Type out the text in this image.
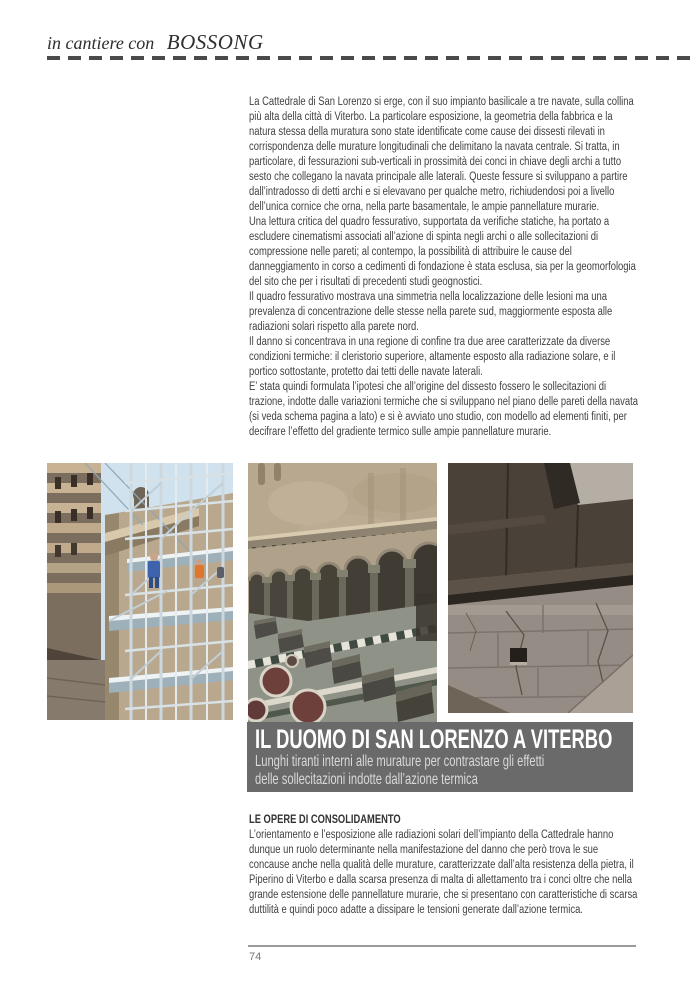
in cantiere con BOSSONG

La Cattedrale di San Lorenzo si erge, con il suo impianto basilicale a tre navate, sulla collina più alta della città di Viterbo. La particolare esposizione, la geometria della fabbrica e la natura stessa della muratura sono state identificate come cause dei dissesti rilevati in corrispondenza delle murature longitudinali che delimitano la navata centrale. Si tratta, in particolare, di fessurazioni sub-verticali in prossimità dei conci in chiave degli archi a tutto sesto che collegano la navata principale alle laterali. Queste fessure si sviluppano a partire dall’intradosso di detti archi e si elevavano per qualche metro, richiudendosi poi a livello dell’unica cornice che orna, nella parte basamentale, le ampie pannellature murarie.

Una lettura critica del quadro fessurativo, supportata da verifiche statiche, ha portato a escludere cinematismi associati all’azione di spinta negli archi o alle sollecitazioni di compressione nelle pareti; al contempo, la possibilità di attribuire le cause del danneggiamento in corso a cedimenti di fondazione è stata esclusa, sia per la geomorfologia del sito che per i risultati di precedenti studi geognostici.

Il quadro fessurativo mostrava una simmetria nella localizzazione delle lesioni ma una prevalenza di concentrazione delle stesse nella parete sud, maggiormente esposta alle radiazioni solari rispetto alla parete nord.

Il danno si concentrava in una regione di confine tra due aree caratterizzate da diverse condizioni termiche: il cleristorio superiore, altamente esposto alla radiazione solare, e il portico sottostante, protetto dai tetti delle navate laterali.

E’ stata quindi formulata l’ipotesi che all’origine del dissesto fossero le sollecitazioni di trazione, indotte dalle variazioni termiche che si sviluppano nel piano delle pareti della navata (si veda schema pagina a lato) e si è avviato uno studio, con modello ad elementi finiti, per decifrare l’effetto del gradiente termico sulle ampie pannellature murarie.

IL DUOMO DI SAN LORENZO A VITERBO
Lunghi tiranti interni alle murature per contrastare gli effetti
delle sollecitazioni indotte dall’azione termica
LE OPERE DI CONSOLIDAMENTO

L’orientamento e l’esposizione alle radiazioni solari dell’impianto della Cattedrale hanno dunque un ruolo determinante nella manifestazione del danno che però trova le sue concause anche nella qualità delle murature, caratterizzate dall’alta resistenza della pietra, il Piperino di Viterbo e dalla scarsa presenza di malta di allettamento tra i conci oltre che nella grande estensione delle pannellature murarie, che si presentano con caratteristiche di scarsa duttilità e quindi poco adatte a dissipare le tensioni generate dall’azione termica.

74
